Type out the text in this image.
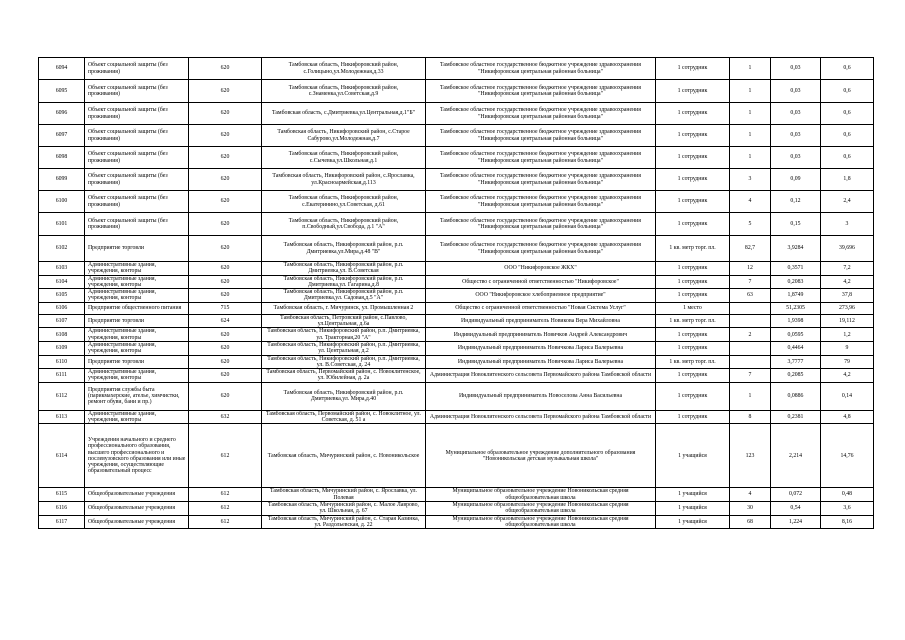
6094	Объект социальной защиты (без проживания)	620	Тамбовская область, Никифоровский район, с.Голицыно,ул.Молодежная,д.33	Тамбовское областное государственное бюджетное учреждение здравоохранения "Никифоровская центральная районная больница"	1 сотрудник	1	0,03	0,6
6095	Объект социальной защиты (без проживания)	620	Тамбовская область, Никифоровский район, с.Знаменка,ул.Советская,д.9	Тамбовское областное государственное бюджетное учреждение здравоохранения "Никифоровская центральная районная больница"	1 сотрудник	1	0,03	0,6
6096	Объект социальной защиты (без проживания)	620	Тамбовская область, с.Дмитриевка,ул.Центральная,д.1"Б"	Тамбовское областное государственное бюджетное учреждение здравоохранения "Никифоровская центральная районная больница"	1 сотрудник	1	0,03	0,6
6097	Объект социальной защиты (без проживания)	620	Тамбовская область, Никифоровский район, с.Старое Сабурово,ул.Молодежная,д.7	Тамбовское областное государственное бюджетное учреждение здравоохранения "Никифоровская центральная районная больница"	1 сотрудник	1	0,03	0,6
6098	Объект социальной защиты (без проживания)	620	Тамбовская область, Никифоровский район, с.Сычевка,ул.Школьная,д.1	Тамбовское областное государственное бюджетное учреждение здравоохранения "Никифоровская центральная районная больница"	1 сотрудник	1	0,03	0,6
6099	Объект социальной защиты (без проживания)	620	Тамбовская область, Никифоровский район, с.Ярославка, ул.Красноармейская,д.113	Тамбовское областное государственное бюджетное учреждение здравоохранения "Никифоровская центральная районная больница"	1 сотрудник	3	0,09	1,8
6100	Объект социальной защиты (без проживания)	620	Тамбовская область, Никифоровский район, с.Екатеринино,ул.Советская, д.61	Тамбовское областное государственное бюджетное учреждение здравоохранения "Никифоровская центральная районная больница"	1 сотрудник	4	0,12	2,4
6101	Объект социальной защиты (без проживания)	620	Тамбовская область, Никифоровский район, п.Свободный,ул.Свобода, д.1 "А"	Тамбовское областное государственное бюджетное учреждение здравоохранения "Никифоровская центральная районная больница"	1 сотрудник	5	0,15	3
6102	Предприятие торговли	620	Тамбовская область, Никифоровский район, р.п. Дмитриевка,ул.Мира,д.48 "В"	Тамбовское областное государственное бюджетное учреждение здравоохранения "Никифоровская центральная районная больница"	1 кв. метр торг. пл.	82,7	3,9284	39,696
6103	Административные здания, учреждения, конторы	620	Тамбовская область, Никифоровский район, р.п. Дмитриевка,ул. В.Советская	ООО "Никифоровское ЖКХ"	1 сотрудник	12	0,3571	7,2
6104	Административные здания, учреждения, конторы	620	Тамбовская область, Никифоровский район, р.п. Дмитриевка,ул. Гагарина,д.8	Общество с ограниченной ответственностью "Никифоровское"	1 сотрудник	7	0,2083	4,2
6105	Административные здания, учреждения, конторы	620	Тамбовская область, Никифоровский район, р.п. Дмитриевка,ул. Садовая,д.5 "А"	ООО "Никифоровское хлебоприемное предприятие"	1 сотрудник	63	1,8749	37,8
6106	Предприятие общественного питания	715	Тамбовская область, г. Мичуринск, ул. Промышленная 2	Общество с ограниченной ответственностью "Новая Система Услуг"	1 место		51,2305	273,96
6107	Предприятие торговли	624	Тамбовская область, Петровский район, с.Павлово, ул.Центральная, д.6а	Индивидуальный предприниматель Новикова Вера Михайловна	1 кв. метр торг. пл.		1,9398	19,112
6108	Административные здания, учреждения, конторы	620	Тамбовская область, Никифоровский район, р.п. Дмитриевка, ул. Тракторная,20 "А"	Индивидуальный предприниматель Новичков Андрей Александрович	1 сотрудник	2	0,0595	1,2
6109	Административные здания, учреждения, конторы	620	Тамбовская область, Никифоровский район, р.п. Дмитриевка, ул. Центральная, д.2	Индивидуальный предприниматель Новичкова Лариса Валерьевна	1 сотрудник		0,4464	9
6110	Предприятие торговли	620	Тамбовская область, Никифоровский район, р.п. Дмитриевка, ул. В.Советская, д. 24	Индивидуальный предприниматель Новичкова Лариса Валерьевна	1 кв. метр торг. пл.		3,7777	79
6111	Административные здания, учреждения, конторы	620	Тамбовская область, Первомайский район, с. Новоклитенское, ул. Юбилейная, д. 2а	Администрация Новоклитенского сельсовета Первомайского района Тамбовской области	1 сотрудник	7	0,2085	4,2
6112	Предприятия службы быта (парикмахерские, ателье, химчистки, ремонт обуви, бани и пр.)	620	Тамбовская область, Никифоровский район, р.п. Дмитриевка,ул. Мира,д.40	Индивидуальный предприниматель Новоселова Анна Васильевна	1 сотрудник	1	0,0886	0,14
6113	Административные здания, учреждения, конторы	632	Тамбовская область, Первомайский район, с. Новоклитное, ул. Советская, д. 51 а	Администрация Новоклитенского сельсовета Первомайского района Тамбовской области	1 сотрудник	8	0,2381	4,8
6114	Учреждения начального и среднего профессионального образования, высшего профессионального и послевузовского образования или иные учреждения, осуществляющие образовательный процесс	612	Тамбовская область, Мичуринский район, с. Новоникольское	Муниципальное образовательное учреждение дополнительного образования "Новоникольская детская музыкальная школа"	1 учащийся	123	2,214	14,76
6115	Общеобразовательные учреждения	612	Тамбовская область, Мичуринский район, с. Ярославка, ул. Полевая	Муниципальное образовательное учреждение Новоникольская средняя общеобразовательная школа	1 учащийся	4	0,072	0,48
6116	Общеобразовательные учреждения	612	Тамбовская область, Мичуринский район, с. Малое Лаврово, ул. Школьная, д. 67	Муниципальное образовательное учреждение Новоникольская средняя общеобразовательная школа	1 учащийся	30	0,54	3,6
6117	Общеобразовательные учреждения	612	Тамбовская область, Мичуринский район, с. Старая Казинка, ул. Раздольевская, д. 22	Муниципальное образовательное учреждение Новоникольская средняя общеобразовательная школа	1 учащийся	68	1,224	8,16
